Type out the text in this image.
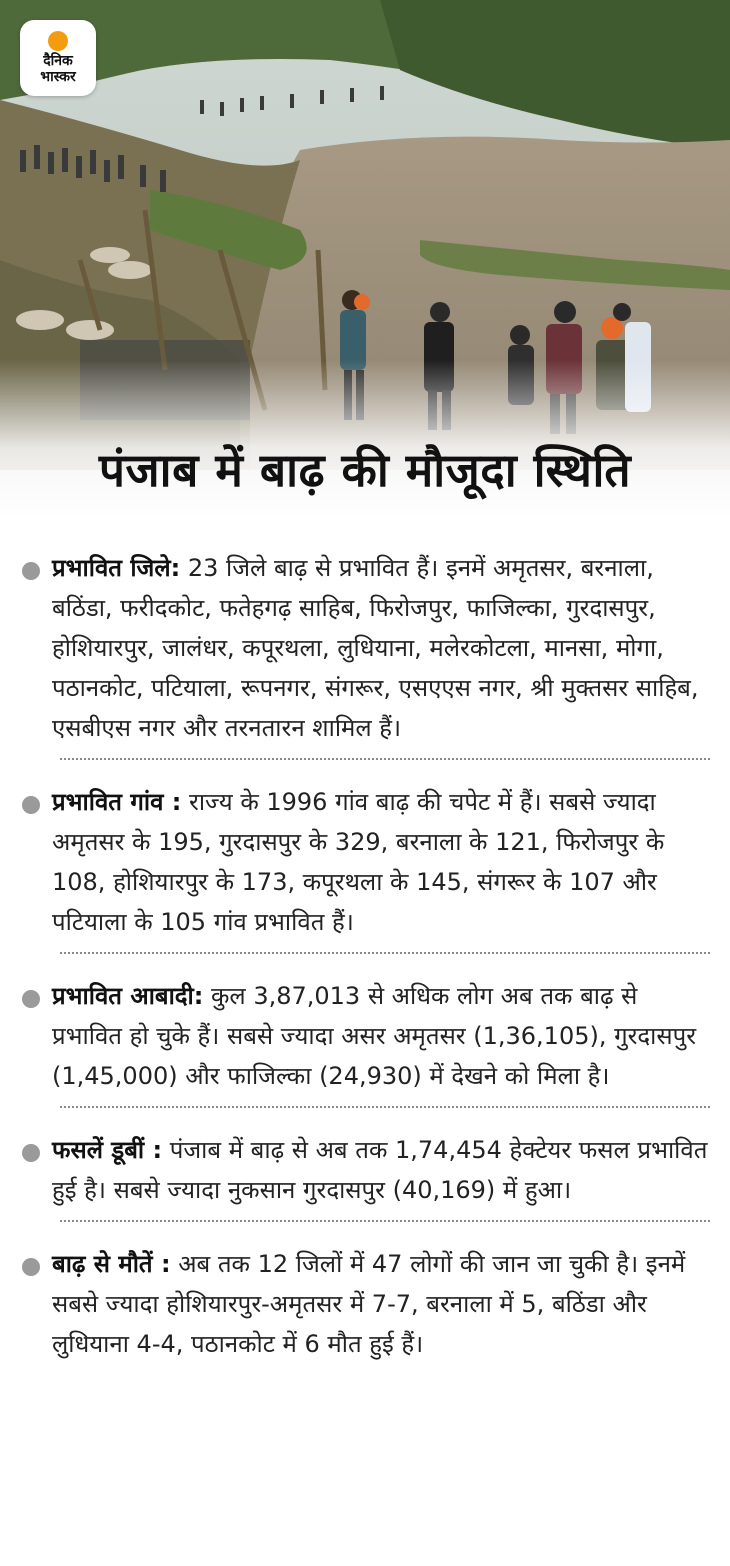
दैनिक
भास्कर
पंजाब में बाढ़ की मौजूदा स्थिति
प्रभावित जिले: 23 जिले बाढ़ से प्रभावित हैं। इनमें अमृतसर, बरनाला, बठिंडा, फरीदकोट, फतेहगढ़ साहिब, फिरोजपुर, फाजिल्का, गुरदासपुर, होशियारपुर, जालंधर, कपूरथला, लुधियाना, मलेरकोटला, मानसा, मोगा, पठानकोट, पटियाला, रूपनगर, संगरूर, एसएएस नगर, श्री मुक्तसर साहिब, एसबीएस नगर और तरनतारन शामिल हैं।
प्रभावित गांव : राज्य के 1996 गांव बाढ़ की चपेट में हैं। सबसे ज्यादा अमृतसर के 195, गुरदासपुर के 329, बरनाला के 121, फिरोजपुर के 108, होशियारपुर के 173, कपूरथला के 145, संगरूर के 107 और पटियाला के 105 गांव प्रभावित हैं।
प्रभावित आबादी: कुल 3,87,013 से अधिक लोग अब तक बाढ़ से प्रभावित हो चुके हैं। सबसे ज्यादा असर अमृतसर (1,36,105), गुरदासपुर (1,45,000) और फाजिल्का (24,930) में देखने को मिला है।
फसलें डूबीं : पंजाब में बाढ़ से अब तक 1,74,454 हेक्टेयर फसल प्रभावित हुई है। सबसे ज्यादा नुकसान गुरदासपुर (40,169) में हुआ।
बाढ़ से मौतें : अब तक 12 जिलों में 47 लोगों की जान जा चुकी है। इनमें सबसे ज्यादा होशियारपुर-अमृतसर में 7-7, बरनाला में 5, बठिंडा और लुधियाना 4-4, पठानकोट में 6 मौत हुई हैं।
